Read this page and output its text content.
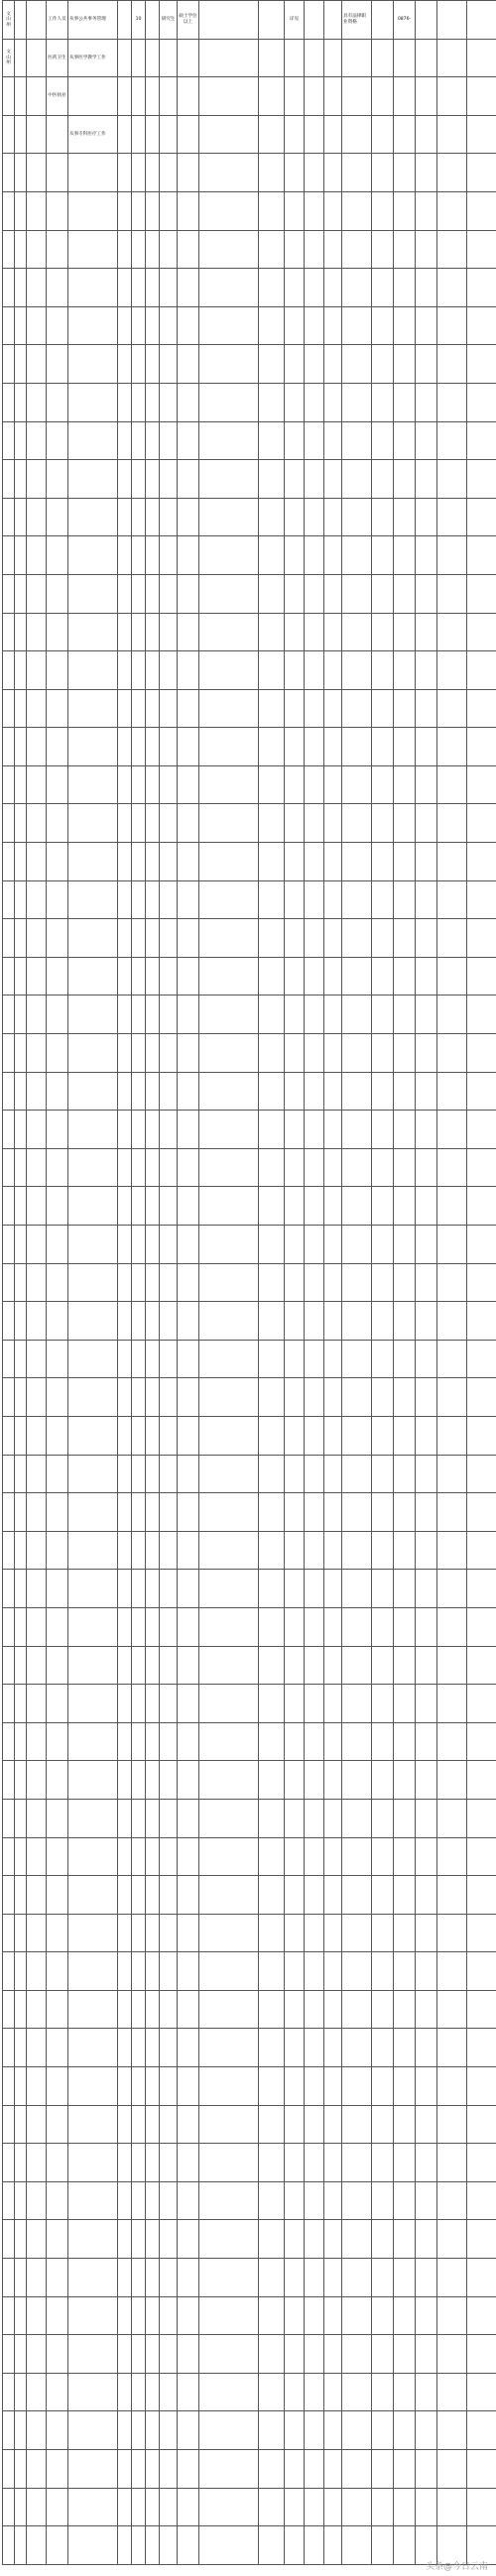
文山州			工作人员	从事公共事务管理		10		研究生	硕士学位以上			详见			具有法律职业资格		0876-			
文山州			医药卫生	从事医学教学工作																
			中医执业																	
				从事专科医疗工作																

头条@今日云南
